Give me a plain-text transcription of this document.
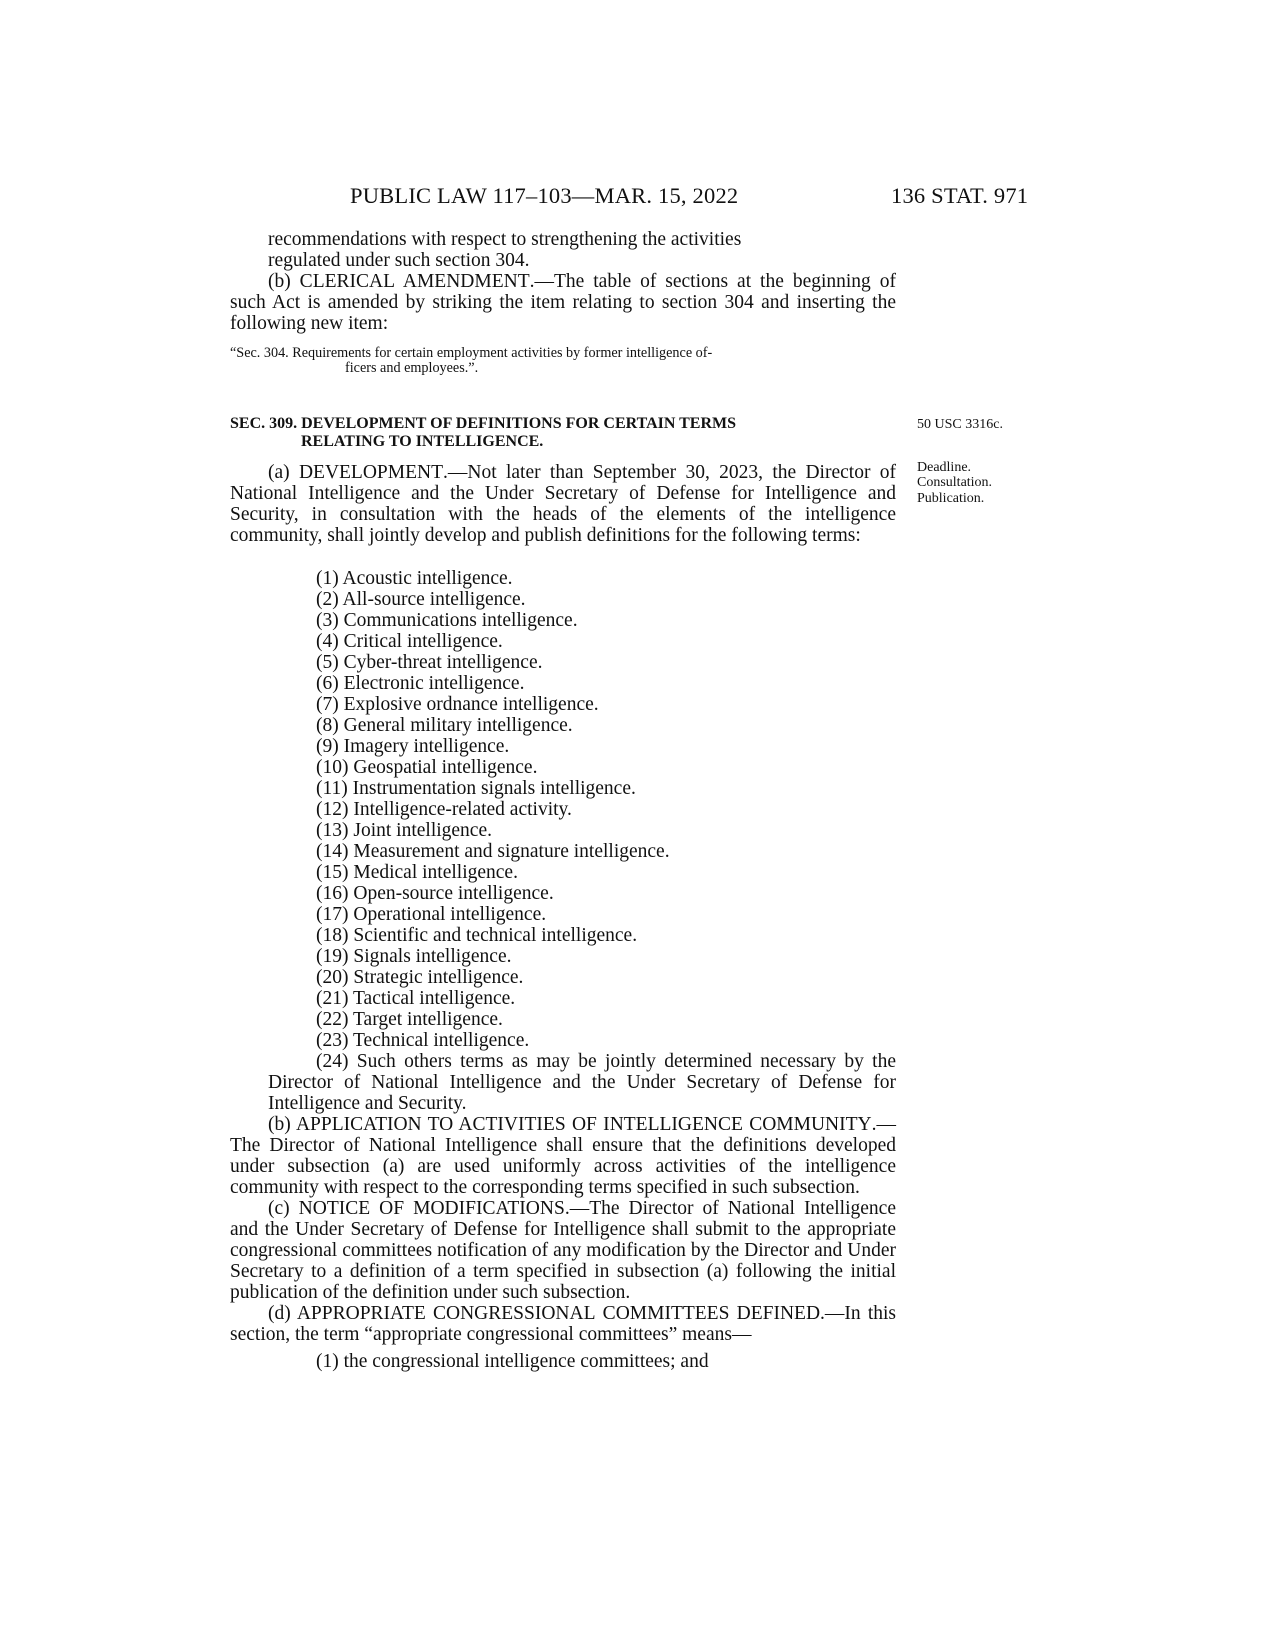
PUBLIC LAW 117–103—MAR. 15, 2022	136 STAT. 971

recommendations with respect to strengthening the activities

regulated under such section 304.

(b) CLERICAL AMENDMENT.—The table of sections at the beginning of such Act is amended by striking the item relating to section 304 and inserting the following new item:

“Sec. 304. Requirements for certain employment activities by former intelligence of-
ficers and employees.”.
SEC. 309. DEVELOPMENT OF DEFINITIONS FOR CERTAIN TERMS
RELATING TO INTELLIGENCE.
50 USC 3316c.
Deadline.
Consultation.
Publication.

(a) DEVELOPMENT.—Not later than September 30, 2023, the Director of National Intelligence and the Under Secretary of Defense for Intelligence and Security, in consultation with the heads of the elements of the intelligence community, shall jointly develop and publish definitions for the following terms:

(1) Acoustic intelligence.
(2) All-source intelligence.
(3) Communications intelligence.
(4) Critical intelligence.
(5) Cyber-threat intelligence.
(6) Electronic intelligence.
(7) Explosive ordnance intelligence.
(8) General military intelligence.
(9) Imagery intelligence.
(10) Geospatial intelligence.
(11) Instrumentation signals intelligence.
(12) Intelligence-related activity.
(13) Joint intelligence.
(14) Measurement and signature intelligence.
(15) Medical intelligence.
(16) Open-source intelligence.
(17) Operational intelligence.
(18) Scientific and technical intelligence.
(19) Signals intelligence.
(20) Strategic intelligence.
(21) Tactical intelligence.
(22) Target intelligence.
(23) Technical intelligence.

(24) Such others terms as may be jointly determined necessary by the Director of National Intelligence and the Under Secretary of Defense for Intelligence and Security.

(b) APPLICATION TO ACTIVITIES OF INTELLIGENCE COMMUNITY.— The Director of National Intelligence shall ensure that the definitions developed under subsection (a) are used uniformly across activities of the intelligence community with respect to the corresponding terms specified in such subsection.

(c) NOTICE OF MODIFICATIONS.—The Director of National Intelligence and the Under Secretary of Defense for Intelligence shall submit to the appropriate congressional committees notification of any modification by the Director and Under Secretary to a definition of a term specified in subsection (a) following the initial publication of the definition under such subsection.

(d) APPROPRIATE CONGRESSIONAL COMMITTEES DEFINED.—In this section, the term “appropriate congressional committees” means—

(1) the congressional intelligence committees; and
